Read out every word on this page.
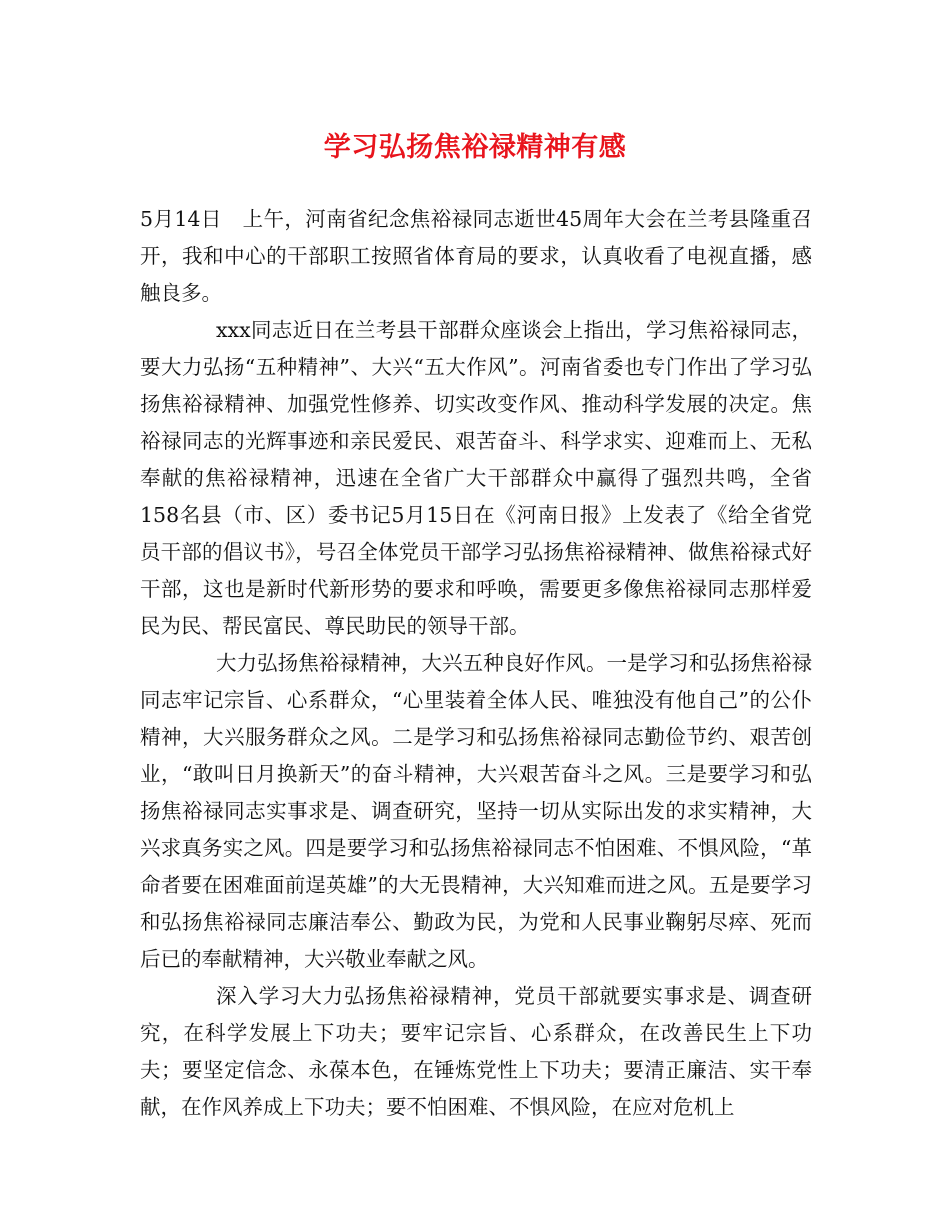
学习弘扬焦裕禄精神有感

5月14日　上午，河南省纪念焦裕禄同志逝世45周年大会在兰考县隆重召开，我和中心的干部职工按照省体育局的要求，认真收看了电视直播，感触良多。

xxx同志近日在兰考县干部群众座谈会上指出，学习焦裕禄同志，要大力弘扬“五种精神”、大兴“五大作风”。河南省委也专门作出了学习弘扬焦裕禄精神、加强党性修养、切实改变作风、推动科学发展的决定。焦裕禄同志的光辉事迹和亲民爱民、艰苦奋斗、科学求实、迎难而上、无私奉献的焦裕禄精神，迅速在全省广大干部群众中赢得了强烈共鸣，全省158名县（市、区）委书记5月15日在《河南日报》上发表了《给全省党员干部的倡议书》，号召全体党员干部学习弘扬焦裕禄精神、做焦裕禄式好干部，这也是新时代新形势的要求和呼唤，需要更多像焦裕禄同志那样爱民为民、帮民富民、尊民助民的领导干部。

大力弘扬焦裕禄精神，大兴五种良好作风。一是学习和弘扬焦裕禄同志牢记宗旨、心系群众，“心里装着全体人民、唯独没有他自己”的公仆精神，大兴服务群众之风。二是学习和弘扬焦裕禄同志勤俭节约、艰苦创业，“敢叫日月换新天”的奋斗精神，大兴艰苦奋斗之风。三是要学习和弘扬焦裕禄同志实事求是、调查研究，坚持一切从实际出发的求实精神，大兴求真务实之风。四是要学习和弘扬焦裕禄同志不怕困难、不惧风险，“革命者要在困难面前逞英雄”的大无畏精神，大兴知难而进之风。五是要学习和弘扬焦裕禄同志廉洁奉公、勤政为民，为党和人民事业鞠躬尽瘁、死而后已的奉献精神，大兴敬业奉献之风。

深入学习大力弘扬焦裕禄精神，党员干部就要实事求是、调查研究，在科学发展上下功夫；要牢记宗旨、心系群众，在改善民生上下功夫；要坚定信念、永葆本色，在锤炼党性上下功夫；要清正廉洁、实干奉献，在作风养成上下功夫；要不怕困难、不惧风险，在应对危机上
